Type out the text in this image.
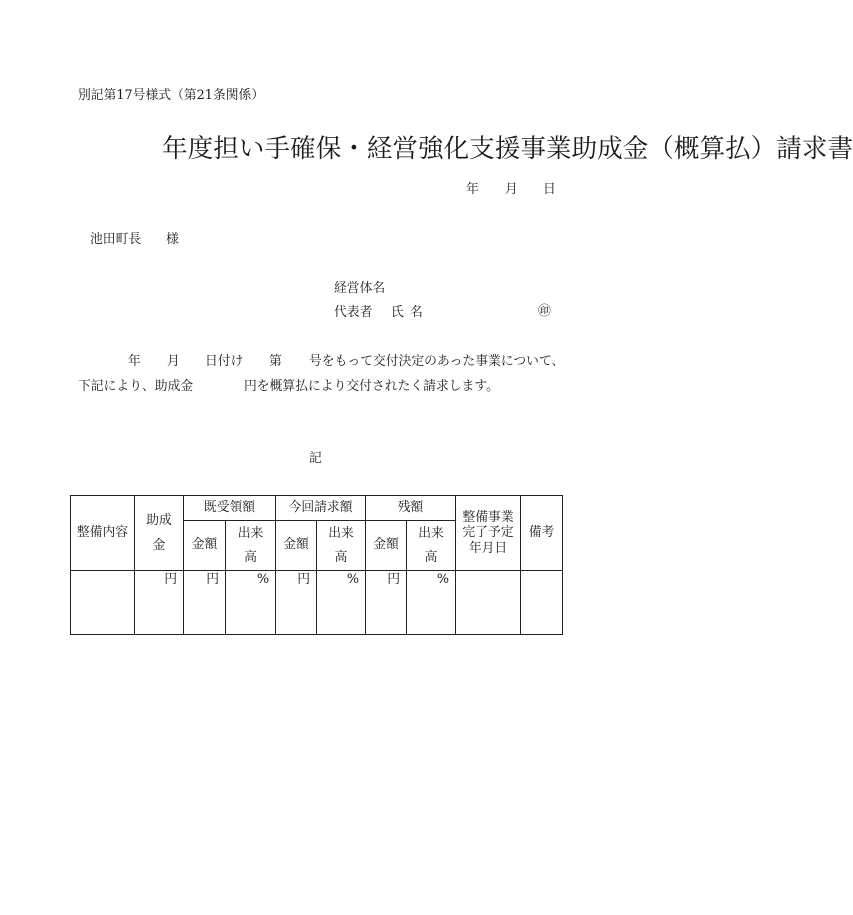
別記第17号様式（第21条関係）

年度担い手確保・経営強化支援事業助成金（概算払）請求書
年 月 日
池田町長 様
経営体名
代表者 氏 名	㊞
年 月 日付け 第 号をもって交付決定のあった事業について、
下記により、助成金	円を概算払により交付されたく請求します。
記
整備内容	助成金	既受領額		今回請求額		残額		整備事業完了予定年月日	備考
		金額	出来高	金額	出来高	金額	出来高		
	円	円	%	円	%	円	%		
